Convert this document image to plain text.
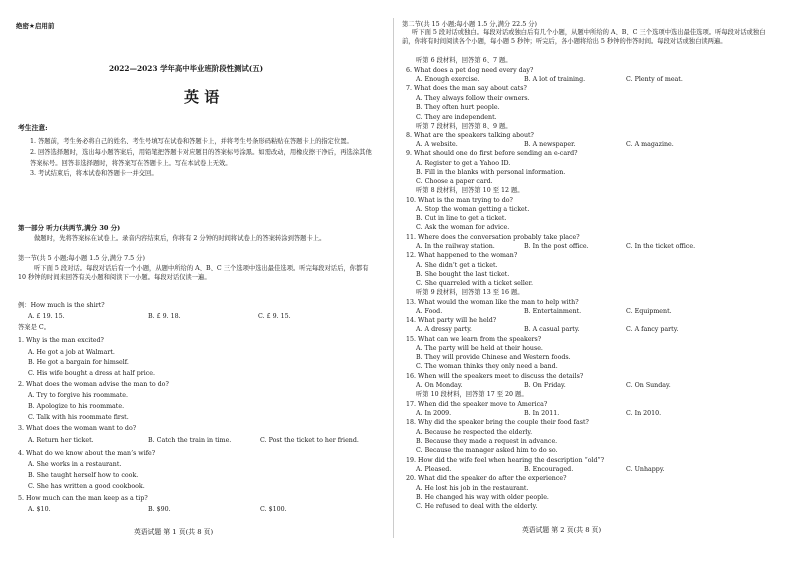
绝密★启用前
2022—2023 学年高中毕业班阶段性测试(五)
英 语
考生注意:
1. 答题前，考生务必将自己的姓名、考生号填写在试卷和答题卡上，并将考生号条形码粘贴在答题卡上的指定位置。
2. 回答选择题时，选出每小题答案后，用铅笔把答题卡对应题目的答案标号涂黑。如需改动，用橡皮擦干净后，再选涂其他答案标号。回答非选择题时，将答案写在答题卡上。写在本试卷上无效。
3. 考试结束后，将本试卷和答题卡一并交回。
第一部分 听力(共两节,满分 30 分)
做题时，先将答案标在试卷上。录音内容结束后，你将有 2 分钟的时间将试卷上的答案转涂到答题卡上。
第一节(共 5 小题;每小题 1.5 分,满分 7.5 分)
听下面 5 段对话。每段对话后有一个小题，从题中所给的 A、B、C 三个选项中选出最佳选项。听完每段对话后，你都有 10 秒钟的时间来回答有关小题和阅读下一小题。每段对话仅读一遍。
例：How much is the shirt?
A. £ 19. 15.	B. £ 9. 18.	C. £ 9. 15.
答案是 C。
1. Why is the man excited?
A. He got a job at Walmart.
B. He got a bargain for himself.
C. His wife bought a dress at half price.
2. What does the woman advise the man to do?
A. Try to forgive his roommate.
B. Apologize to his roommate.
C. Talk with his roommate first.
3. What does the woman want to do?
A. Return her ticket.	B. Catch the train in time.	C. Post the ticket to her friend.
4. What do we know about the man’s wife?
A. She works in a restaurant.
B. She taught herself how to cook.
C. She has written a good cookbook.
5. How much can the man keep as a tip?
A. $10.	B. $90.	C. $100.
英语试题 第 1 页(共 8 页)
第二节(共 15 小题;每小题 1.5 分,满分 22.5 分)
听下面 5 段对话或独白。每段对话或独白后有几个小题，从题中所给的 A、B、C 三个选项中选出最佳选项。听每段对话或独白前，你将有时间阅读各个小题，每小题 5 秒钟；听完后，各小题将给出 5 秒钟的作答时间。每段对话或独白读两遍。
听第 6 段材料，回答第 6、7 题。
6. What does a pet dog need every day?
A. Enough exercise.	B. A lot of training.	C. Plenty of meat.
7. What does the man say about cats?
A. They always follow their owners.
B. They often hurt people.
C. They are independent.
听第 7 段材料，回答第 8、9 题。
8. What are the speakers talking about?
A. A website.	B. A newspaper.	C. A magazine.
9. What should one do first before sending an e-card?
A. Register to get a Yahoo ID.
B. Fill in the blanks with personal information.
C. Choose a paper card.
听第 8 段材料，回答第 10 至 12 题。
10. What is the man trying to do?
A. Stop the woman getting a ticket.
B. Cut in line to get a ticket.
C. Ask the woman for advice.
11. Where does the conversation probably take place?
A. In the railway station.	B. In the post office.	C. In the ticket office.
12. What happened to the woman?
A. She didn’t get a ticket.
B. She bought the last ticket.
C. She quarreled with a ticket seller.
听第 9 段材料，回答第 13 至 16 题。
13. What would the woman like the man to help with?
A. Food.	B. Entertainment.	C. Equipment.
14. What party will he held?
A. A dressy party.	B. A casual party.	C. A fancy party.
15. What can we learn from the speakers?
A. The party will be held at their house.
B. They will provide Chinese and Western foods.
C. The woman thinks they only need a band.
16. When will the speakers meet to discuss the details?
A. On Monday.	B. On Friday.	C. On Sunday.
听第 10 段材料，回答第 17 至 20 题。
17. When did the speaker move to America?
A. In 2009.	B. In 2011.	C. In 2010.
18. Why did the speaker bring the couple their food fast?
A. Because he respected the elderly.
B. Because they made a request in advance.
C. Because the manager asked him to do so.
19. How did the wife feel when hearing the description “old”?
A. Pleased.	B. Encouraged.	C. Unhappy.
20. What did the speaker do after the experience?
A. He lost his job in the restaurant.
B. He changed his way with older people.
C. He refused to deal with the elderly.
英语试题 第 2 页(共 8 页)
